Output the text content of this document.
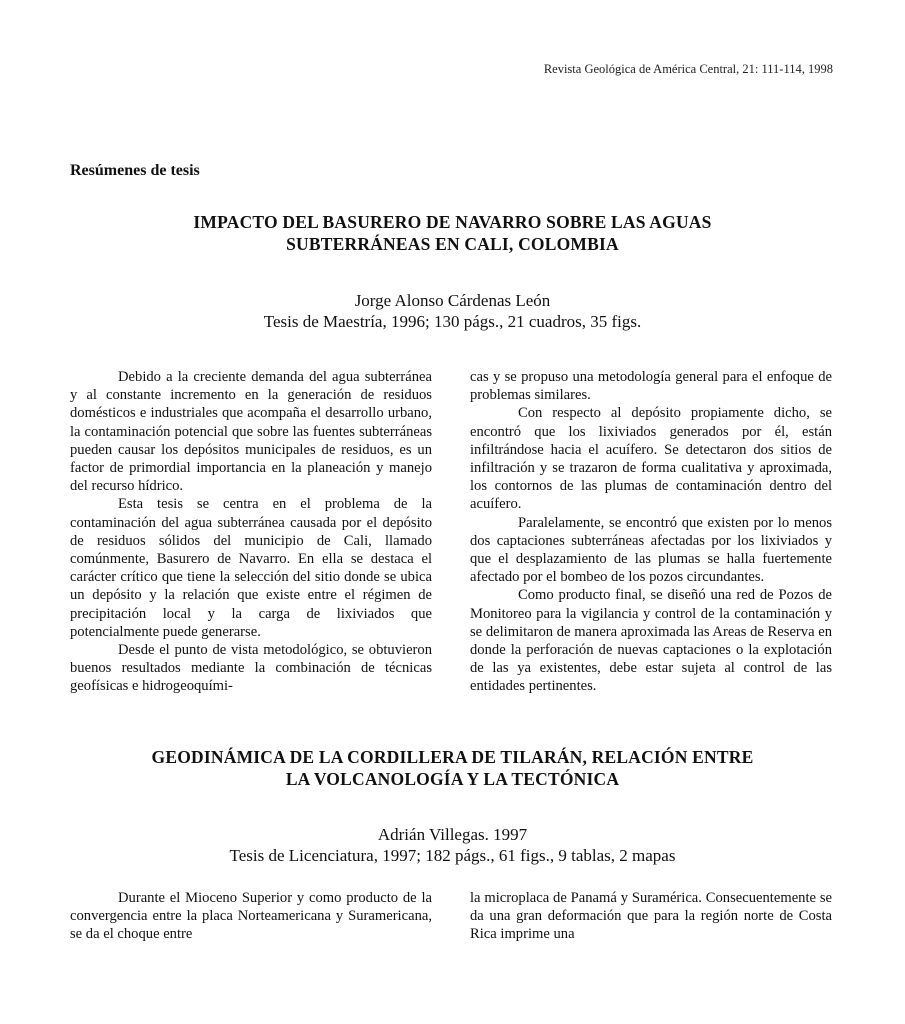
Revista Geológica de América Central, 21: 111-114, 1998
Resúmenes de tesis
IMPACTO DEL BASURERO DE NAVARRO SOBRE LAS AGUAS
SUBTERRÁNEAS EN CALI, COLOMBIA
Jorge Alonso Cárdenas León
Tesis de Maestría, 1996; 130 págs., 21 cuadros, 35 figs.

Debido a la creciente demanda del agua subterránea y al constante incremento en la generación de residuos domésticos e industriales que acompaña el desarrollo urbano, la contaminación potencial que sobre las fuentes subterráneas pueden causar los depósitos municipales de residuos, es un factor de primordial importancia en la planeación y manejo del recurso hídrico.

Esta tesis se centra en el problema de la contaminación del agua subterránea causada por el depósito de residuos sólidos del municipio de Cali, llamado comúnmente, Basurero de Navarro. En ella se destaca el carácter crítico que tiene la selección del sitio donde se ubica un depósito y la relación que existe entre el régimen de precipitación local y la carga de lixiviados que potencialmente puede generarse.

Desde el punto de vista metodológico, se obtuvieron buenos resultados mediante la combinación de técnicas geofísicas e hidrogeoquími-

cas y se propuso una metodología general para el enfoque de problemas similares.

Con respecto al depósito propiamente dicho, se encontró que los lixiviados generados por él, están infiltrándose hacia el acuífero. Se detectaron dos sitios de infiltración y se trazaron de forma cualitativa y aproximada, los contornos de las plumas de contaminación dentro del acuífero.

Paralelamente, se encontró que existen por lo menos dos captaciones subterráneas afectadas por los lixiviados y que el desplazamiento de las plumas se halla fuertemente afectado por el bombeo de los pozos circundantes.

Como producto final, se diseñó una red de Pozos de Monitoreo para la vigilancia y control de la contaminación y se delimitaron de manera aproximada las Areas de Reserva en donde la perforación de nuevas captaciones o la explotación de las ya existentes, debe estar sujeta al control de las entidades pertinentes.

GEODINÁMICA DE LA CORDILLERA DE TILARÁN, RELACIÓN ENTRE
LA VOLCANOLOGÍA Y LA TECTÓNICA
Adrián Villegas. 1997
Tesis de Licenciatura, 1997; 182 págs., 61 figs., 9 tablas, 2 mapas

Durante el Mioceno Superior y como producto de la convergencia entre la placa Norteamericana y Suramericana, se da el choque entre

la microplaca de Panamá y Suramérica. Consecuentemente se da una gran deformación que para la región norte de Costa Rica imprime una
